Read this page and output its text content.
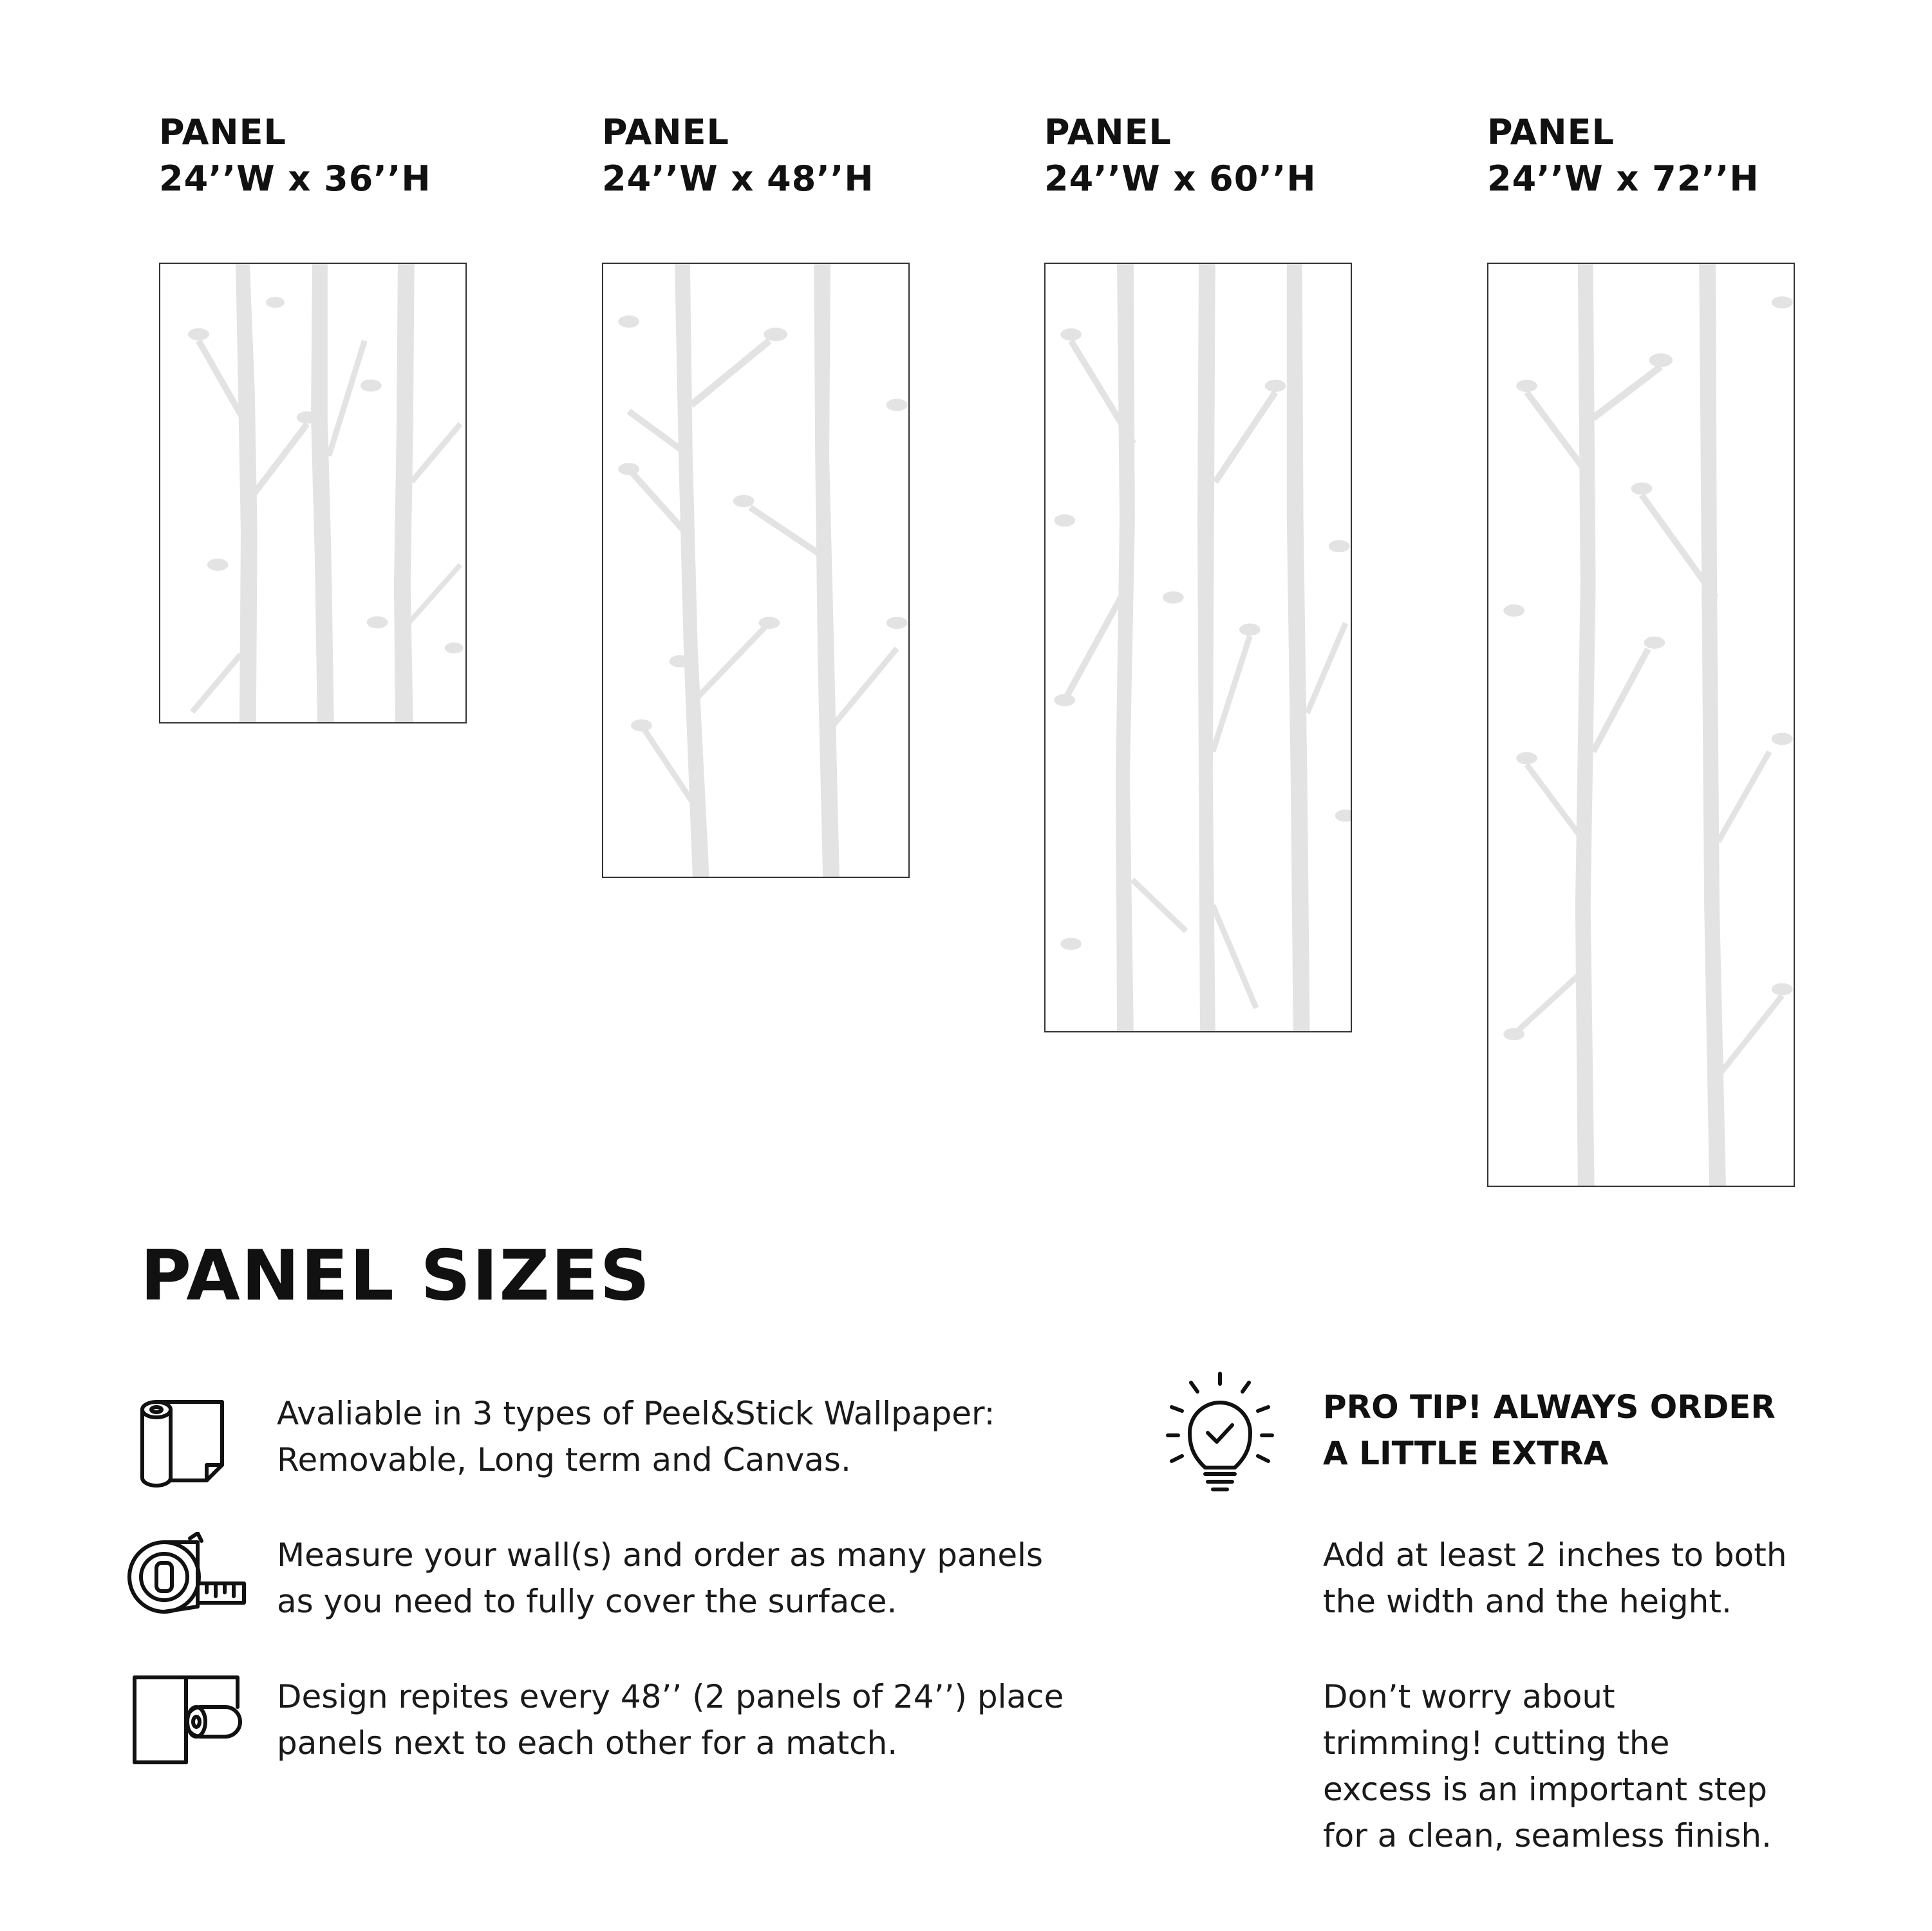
PANEL
24’’W x 36’’H
PANEL
24’’W x 48’’H
PANEL
24’’W x 60’’H
PANEL
24’’W x 72’’H
PANEL SIZES
Avaliable in 3 types of Peel&Stick Wallpaper:
Removable, Long term and Canvas.
Measure your wall(s) and order as many panels
as you need to fully cover the surface.
Design repites every 48’’ (2 panels of 24’’) place
panels next to each other for a match.
PRO TIP! ALWAYS ORDER
A LITTLE EXTRA
Add at least 2 inches to both
the width and the height.
Don’t worry about
trimming! cutting the
excess is an important step
for a clean, seamless finish.
